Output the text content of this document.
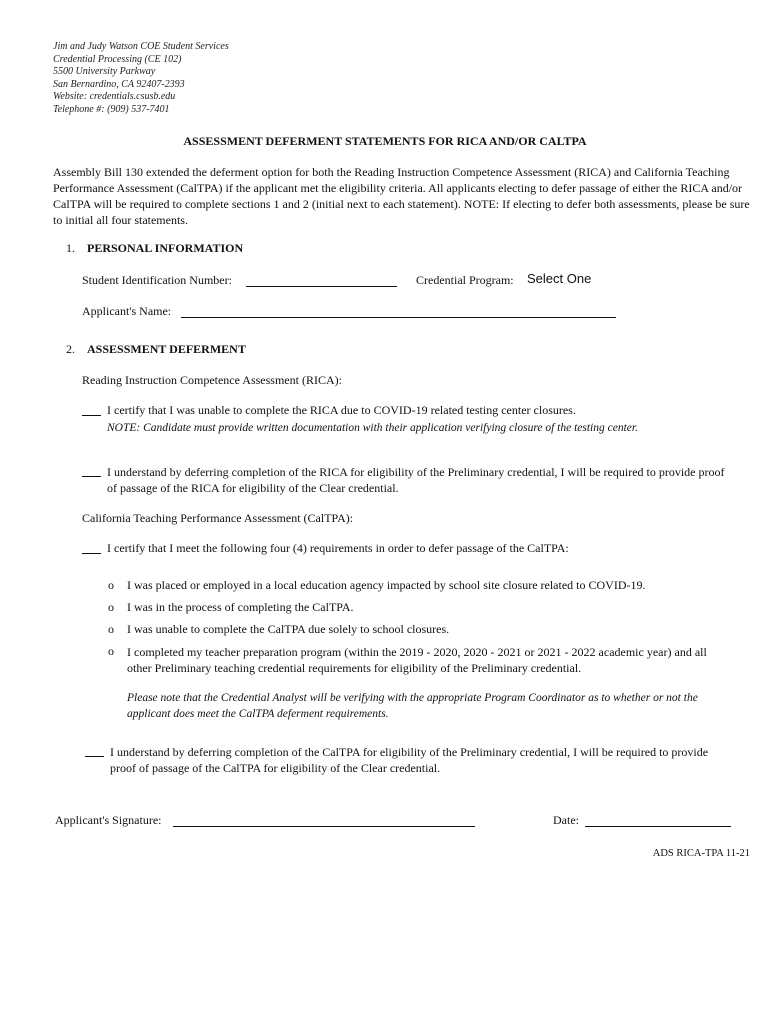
Jim and Judy Watson COE Student Services
Credential Processing (CE 102)
5500 University Parkway
San Bernardino, CA 92407-2393
Website: credentials.csusb.edu
Telephone #: (909) 537-7401
ASSESSMENT DEFERMENT STATEMENTS FOR RICA AND/OR CALTPA
Assembly Bill 130 extended the deferment option for both the Reading Instruction Competence Assessment (RICA) and California Teaching Performance Assessment (CalTPA) if the applicant met the eligibility criteria. All applicants electing to defer passage of either the RICA and/or CalTPA will be required to complete sections 1 and 2 (initial next to each statement). NOTE: If electing to defer both assessments, please be sure to initial all four statements.
1. PERSONAL INFORMATION
Student Identification Number:	Credential Program: Select One
Applicant's Name:
2. ASSESSMENT DEFERMENT
Reading Instruction Competence Assessment (RICA):
I certify that I was unable to complete the RICA due to COVID-19 related testing center closures.
NOTE: Candidate must provide written documentation with their application verifying closure of the testing center.
I understand by deferring completion of the RICA for eligibility of the Preliminary credential, I will be required to provide proof of passage of the RICA for eligibility of the Clear credential.
California Teaching Performance Assessment (CalTPA):
I certify that I meet the following four (4) requirements in order to defer passage of the CalTPA:
o I was placed or employed in a local education agency impacted by school site closure related to COVID-19.
o I was in the process of completing the CalTPA.
o I was unable to complete the CalTPA due solely to school closures.
o I completed my teacher preparation program (within the 2019 - 2020, 2020 - 2021 or 2021 - 2022 academic year) and all other Preliminary teaching credential requirements for eligibility of the Preliminary credential.
Please note that the Credential Analyst will be verifying with the appropriate Program Coordinator as to whether or not the applicant does meet the CalTPA deferment requirements.
I understand by deferring completion of the CalTPA for eligibility of the Preliminary credential, I will be required to provide proof of passage of the CalTPA for eligibility of the Clear credential.
Applicant's Signature:	Date:
ADS RICA-TPA 11-21
